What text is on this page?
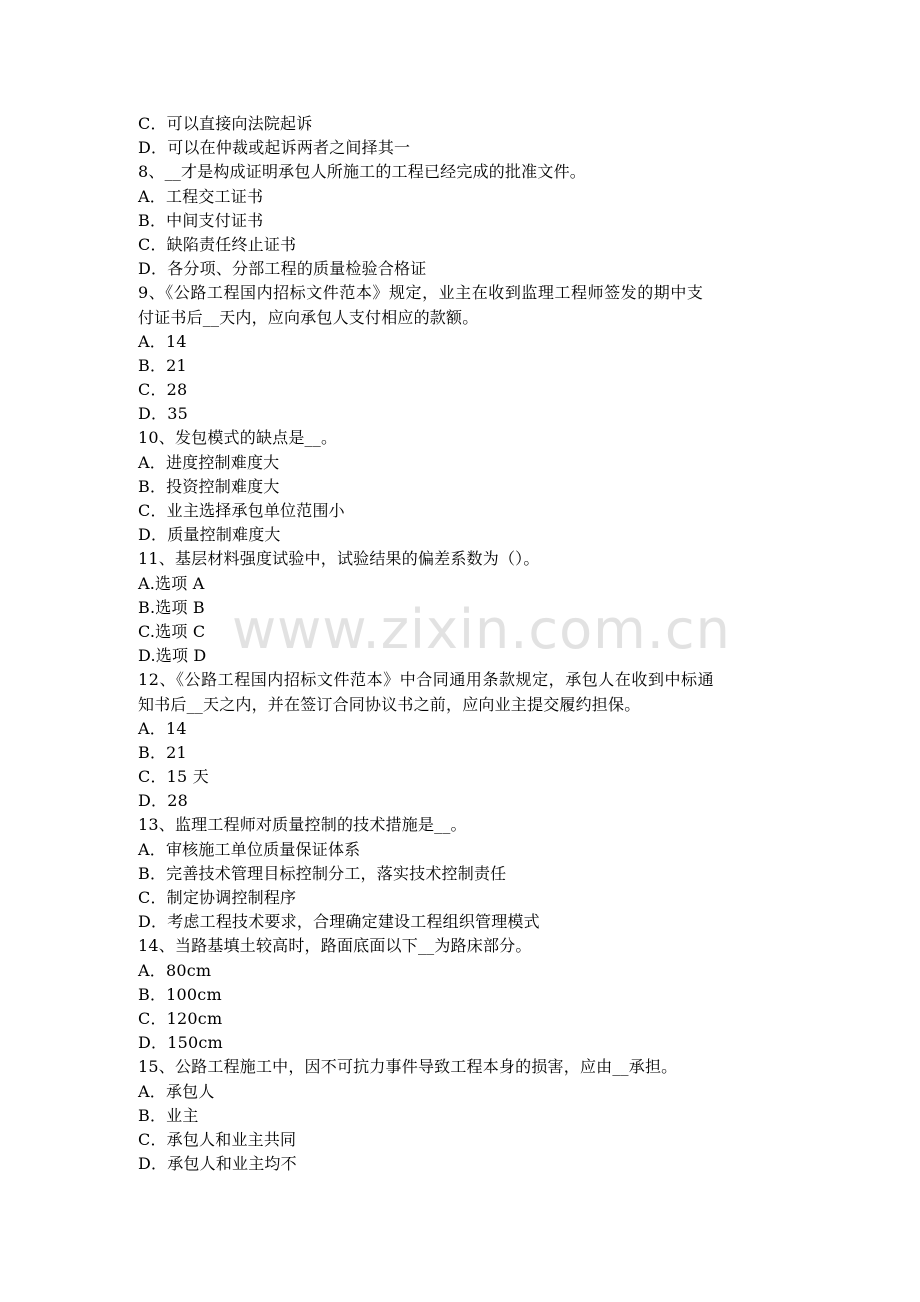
C．可以直接向法院起诉
D．可以在仲裁或起诉两者之间择其一
8、__才是构成证明承包人所施工的工程已经完成的批准文件。
A．工程交工证书
B．中间支付证书
C．缺陷责任终止证书
D．各分项、分部工程的质量检验合格证
9、《公路工程国内招标文件范本》规定，业主在收到监理工程师签发的期中支
付证书后__天内，应向承包人支付相应的款额。
A．14
B．21
C．28
D．35
10、发包模式的缺点是__。
A．进度控制难度大
B．投资控制难度大
C．业主选择承包单位范围小
D．质量控制难度大
11、基层材料强度试验中，试验结果的偏差系数为（）。
A.选项 A
B.选项 B
C.选项 C
D.选项 D
12、《公路工程国内招标文件范本》中合同通用条款规定，承包人在收到中标通
知书后__天之内，并在签订合同协议书之前，应向业主提交履约担保。
A．14
B．21
C．15 天
D．28
13、监理工程师对质量控制的技术措施是__。
A．审核施工单位质量保证体系
B．完善技术管理目标控制分工，落实技术控制责任
C．制定协调控制程序
D．考虑工程技术要求，合理确定建设工程组织管理模式
14、当路基填土较高时，路面底面以下__为路床部分。
A．80cm
B．100cm
C．120cm
D．150cm
15、公路工程施工中，因不可抗力事件导致工程本身的损害，应由__承担。
A．承包人
B．业主
C．承包人和业主共同
D．承包人和业主均不
www.zixin.com.cn
